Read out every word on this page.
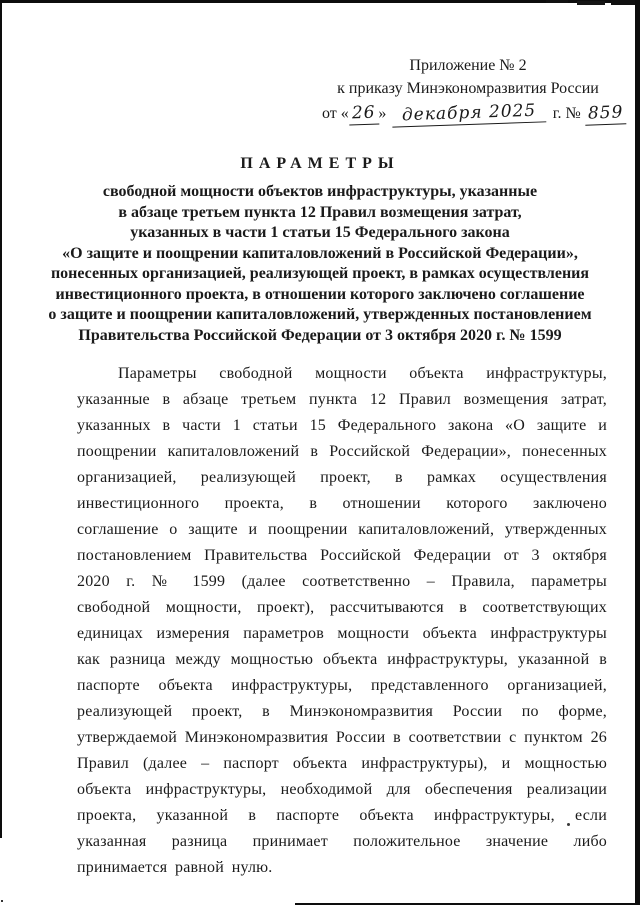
Приложение № 2
к приказу Минэкономразвития России
от « 26 » декабря 2025 г. № 859
ПАРАМЕТРЫ
свободной мощности объектов инфраструктуры, указанные
в абзаце третьем пункта 12 Правил возмещения затрат,
указанных в части 1 статьи 15 Федерального закона
«О защите и поощрении капиталовложений в Российской Федерации»,
понесенных организацией, реализующей проект, в рамках осуществления
инвестиционного проекта, в отношении которого заключено соглашение
о защите и поощрении капиталовложений, утвержденных постановлением
Правительства Российской Федерации от 3 октября 2020 г. № 1599
Параметры свободной мощности объекта инфраструктуры, указанные в абзаце третьем пункта 12 Правил возмещения затрат, указанных в части 1 статьи 15 Федерального закона «О защите и поощрении капиталовложений в Российской Федерации», понесенных организацией, реализующей проект, в рамках осуществления инвестиционного проекта, в отношении которого заключено соглашение о защите и поощрении капиталовложений, утвержденных постановлением Правительства Российской Федерации от 3 октября 2020 г. № 1599 (далее соответственно – Правила, параметры свободной мощности, проект), рассчитываются в соответствующих единицах измерения параметров мощности объекта инфраструктуры как разница между мощностью объекта инфраструктуры, указанной в паспорте объекта инфраструктуры, представленного организацией, реализующей проект, в Минэкономразвития России по форме, утверждаемой Минэкономразвития России в соответствии с пунктом 26 Правил (далее – паспорт объекта инфраструктуры), и мощностью объекта инфраструктуры, необходимой для обеспечения реализации проекта, указанной в паспорте объекта инфраструктуры, если указанная разница принимает положительное значение либо принимается равной нулю.
